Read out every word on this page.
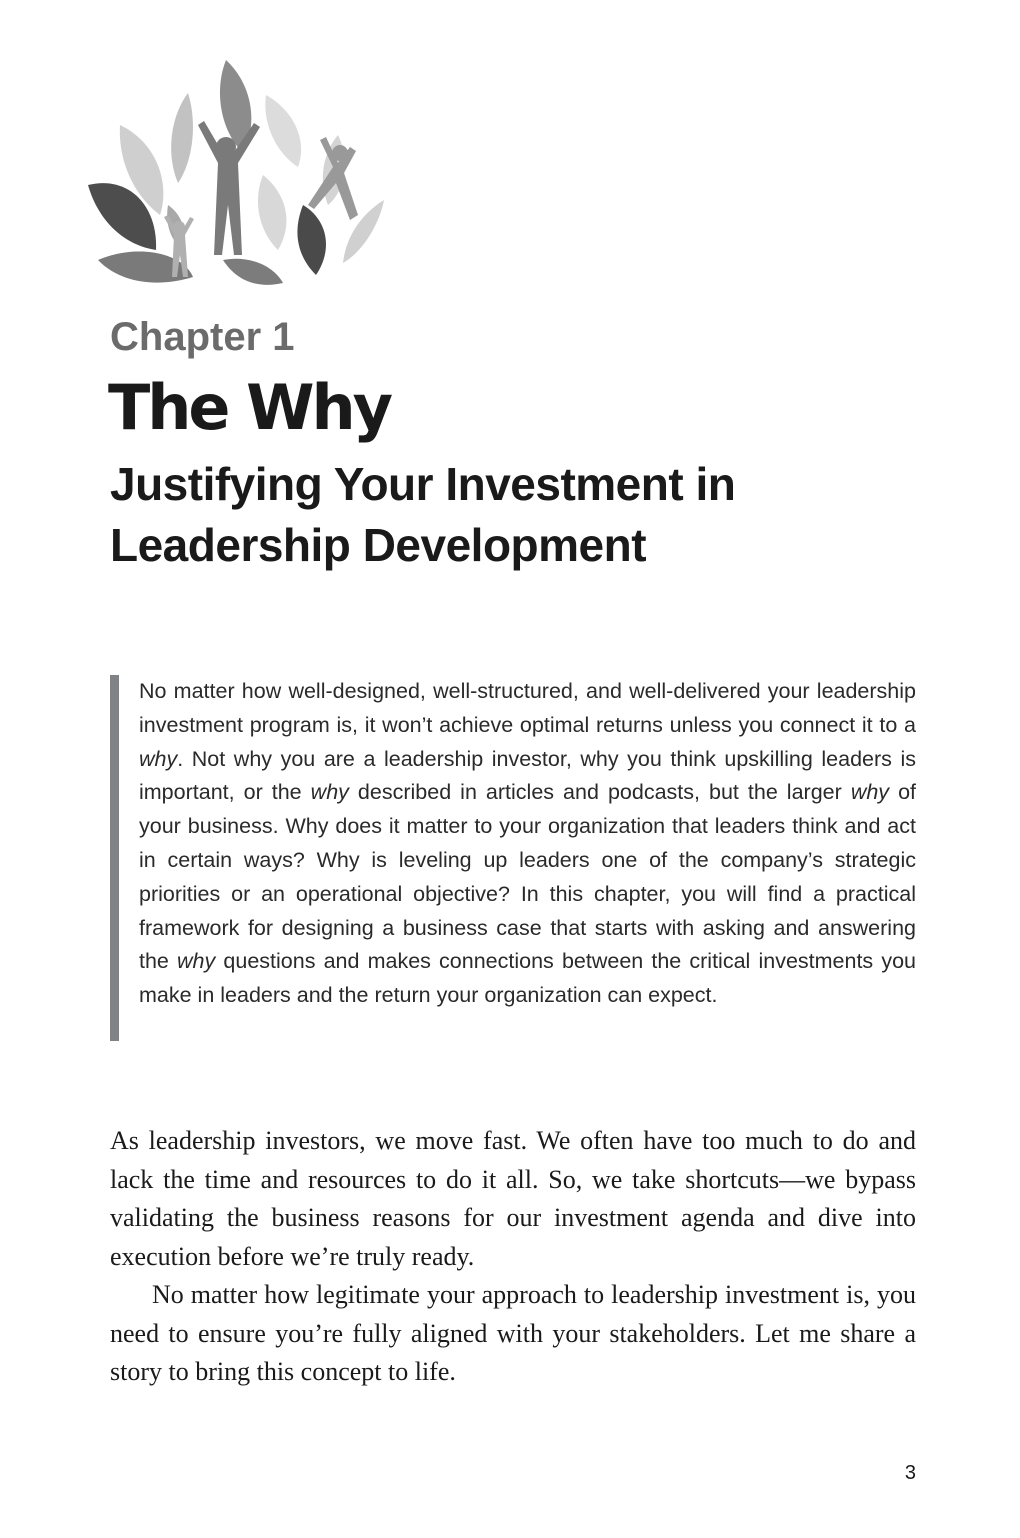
Chapter 1
The Why
Justifying Your Investment in Leadership Development

No matter how well-designed, well-structured, and well-delivered your leadership investment program is, it won’t achieve optimal returns unless you connect it to a why. Not why you are a leadership investor, why you think upskilling leaders is important, or the why described in articles and podcasts, but the larger why of your business. Why does it matter to your organization that leaders think and act in certain ways? Why is leveling up leaders one of the company’s strategic priorities or an operational objective? In this chapter, you will find a practical framework for designing a business case that starts with asking and answering the why questions and makes connections between the critical investments you make in leaders and the return your organization can expect.

As leadership investors, we move fast. We often have too much to do and lack the time and resources to do it all. So, we take shortcuts—we bypass validating the business reasons for our investment agenda and dive into execution before we’re truly ready.

No matter how legitimate your approach to leadership investment is, you need to ensure you’re fully aligned with your stakeholders. Let me share a story to bring this concept to life.

3
